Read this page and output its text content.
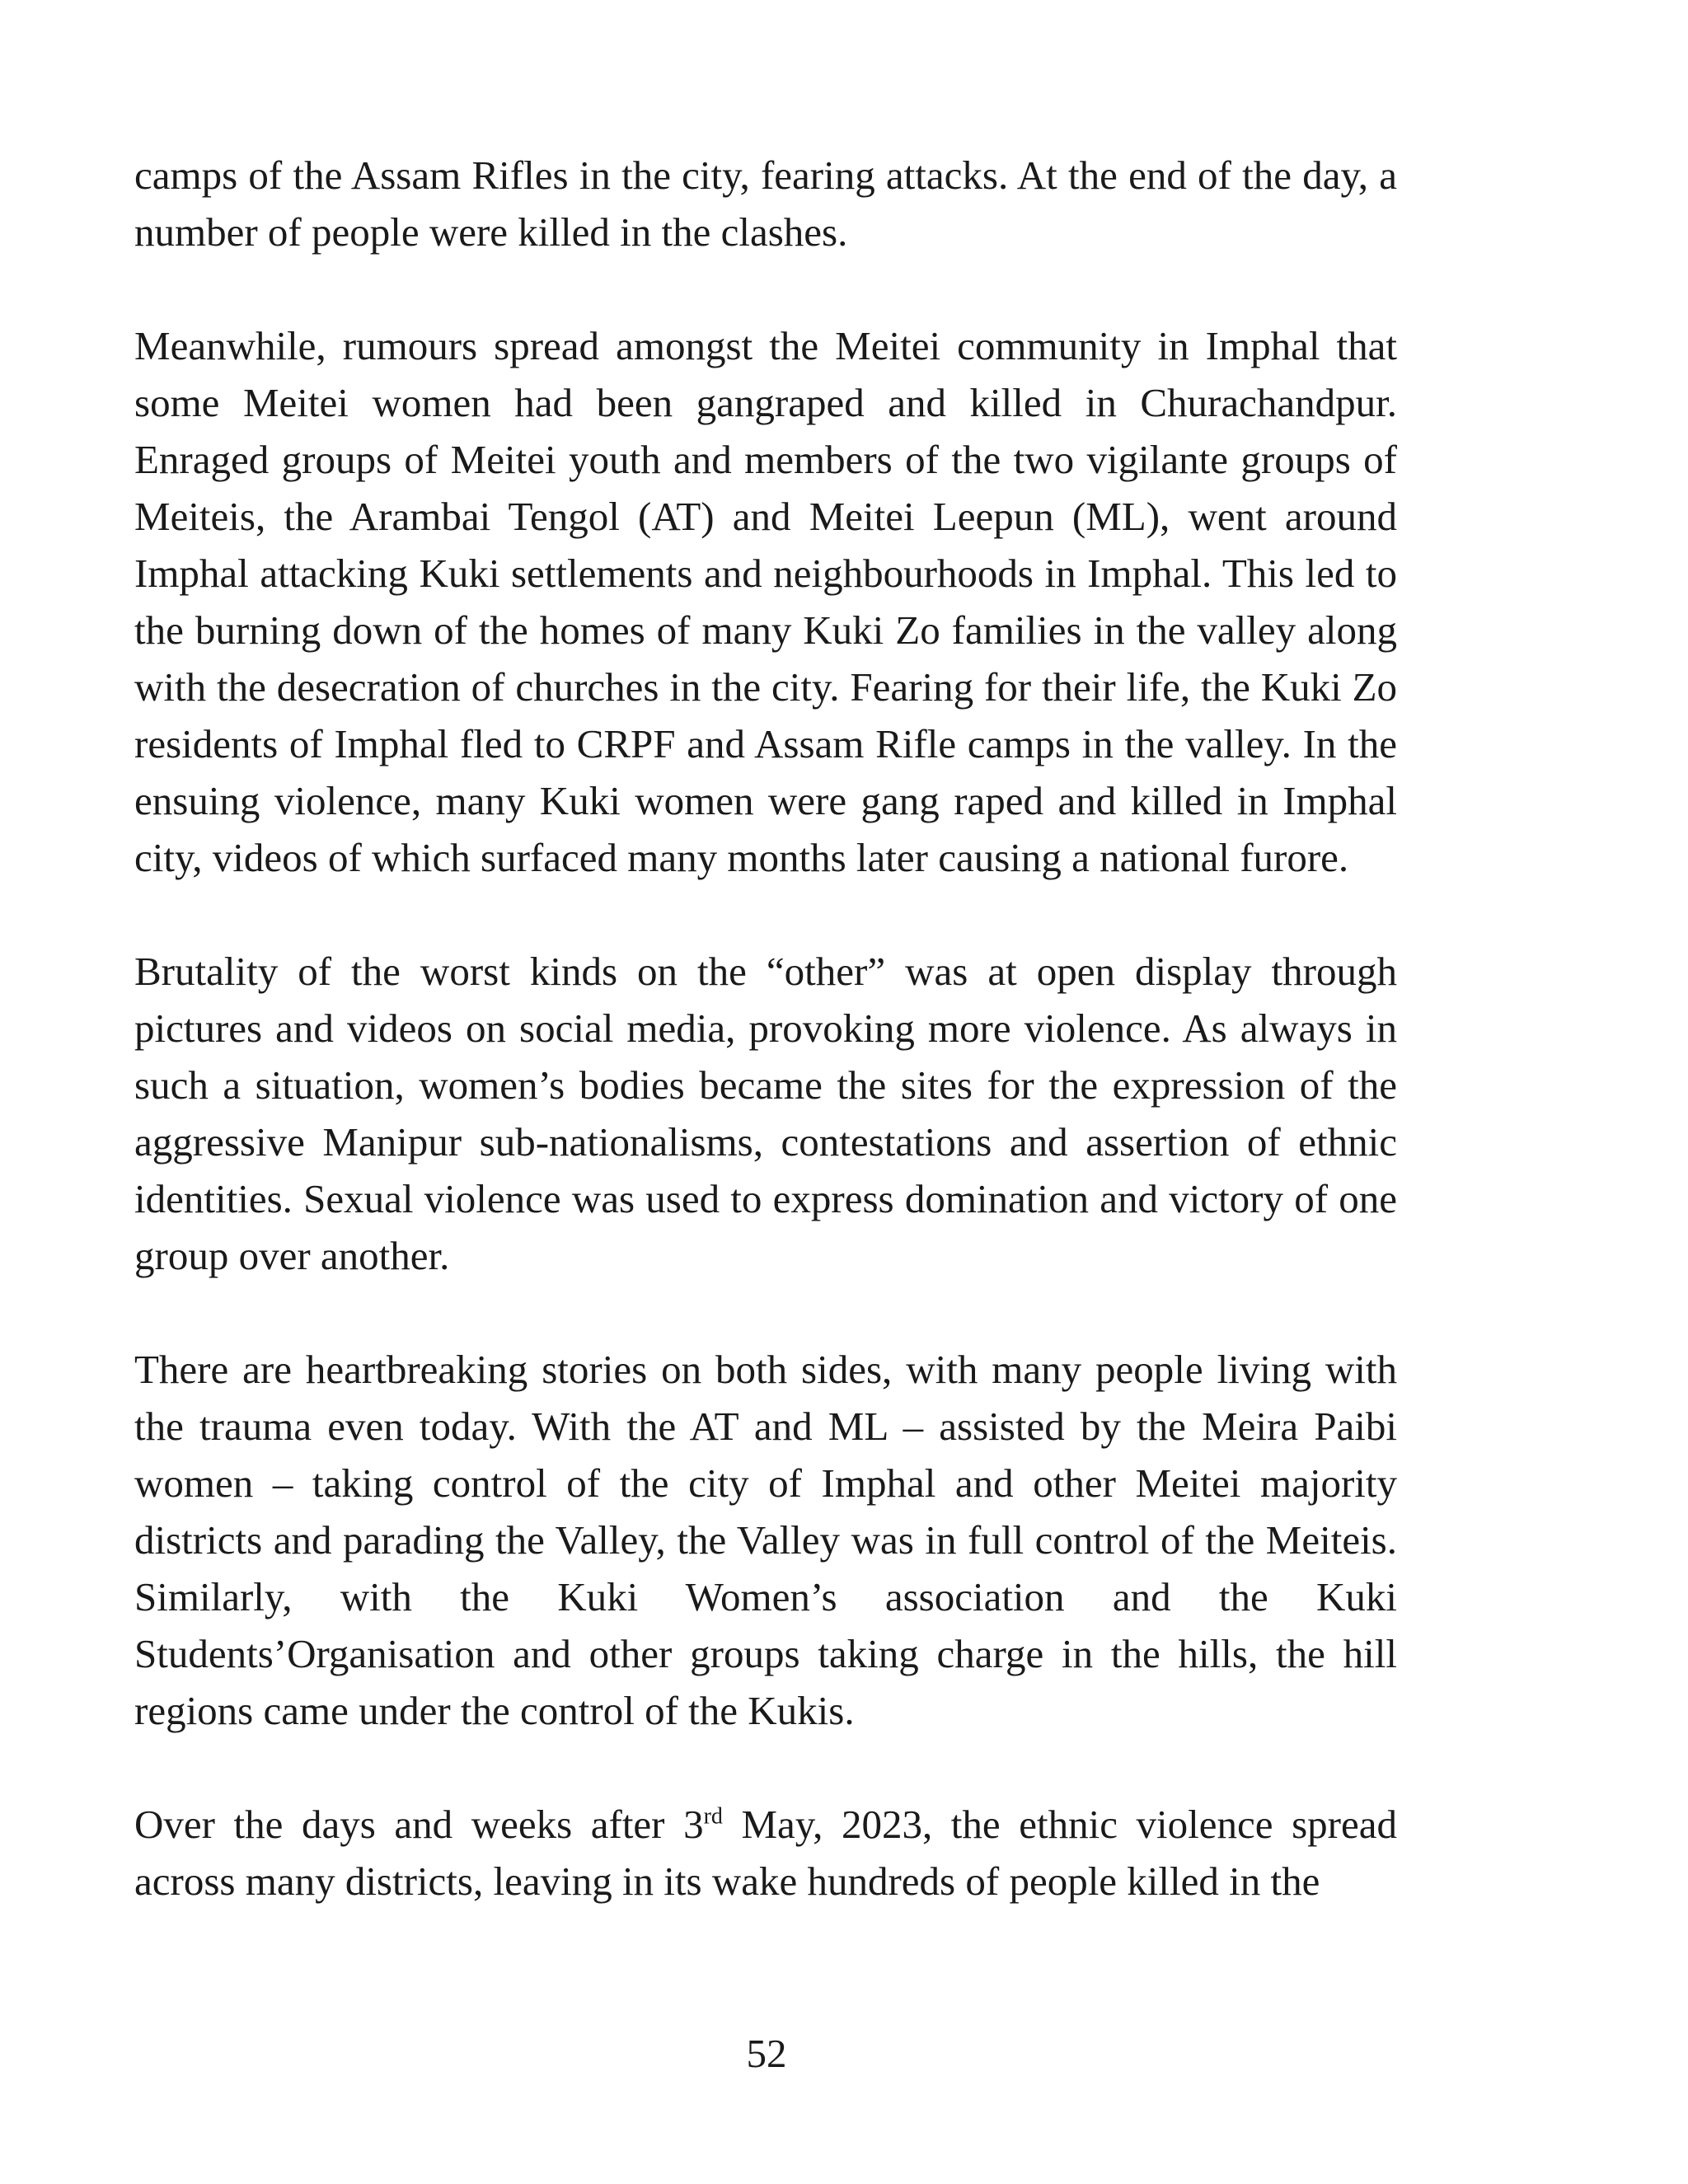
camps of the Assam Rifles in the city, fearing attacks. At the end of the day, a number of people were killed in the clashes.

Meanwhile, rumours spread amongst the Meitei community in Imphal that some Meitei women had been gangraped and killed in Churachandpur. Enraged groups of Meitei youth and members of the two vigilante groups of Meiteis, the Arambai Tengol (AT) and Meitei Leepun (ML), went around Imphal attacking Kuki settlements and neighbourhoods in Imphal. This led to the burning down of the homes of many Kuki Zo families in the valley along with the desecration of churches in the city. Fearing for their life, the Kuki Zo residents of Imphal fled to CRPF and Assam Rifle camps in the valley. In the ensuing violence, many Kuki women were gang raped and killed in Imphal city, videos of which surfaced many months later causing a national furore.

Brutality of the worst kinds on the “other” was at open display through pictures and videos on social media, provoking more violence. As always in such a situation, women’s bodies became the sites for the expression of the aggressive Manipur sub-nationalisms, contestations and assertion of ethnic identities. Sexual violence was used to express domination and victory of one group over another.

There are heartbreaking stories on both sides, with many people living with the trauma even today. With the AT and ML – assisted by the Meira Paibi women – taking control of the city of Imphal and other Meitei majority districts and parading the Valley, the Valley was in full control of the Meiteis. Similarly, with the Kuki Women’s association and the Kuki Students’Organisation and other groups taking charge in the hills, the hill regions came under the control of the Kukis.

Over the days and weeks after 3rd May, 2023, the ethnic violence spread across many districts, leaving in its wake hundreds of people killed in the

52
